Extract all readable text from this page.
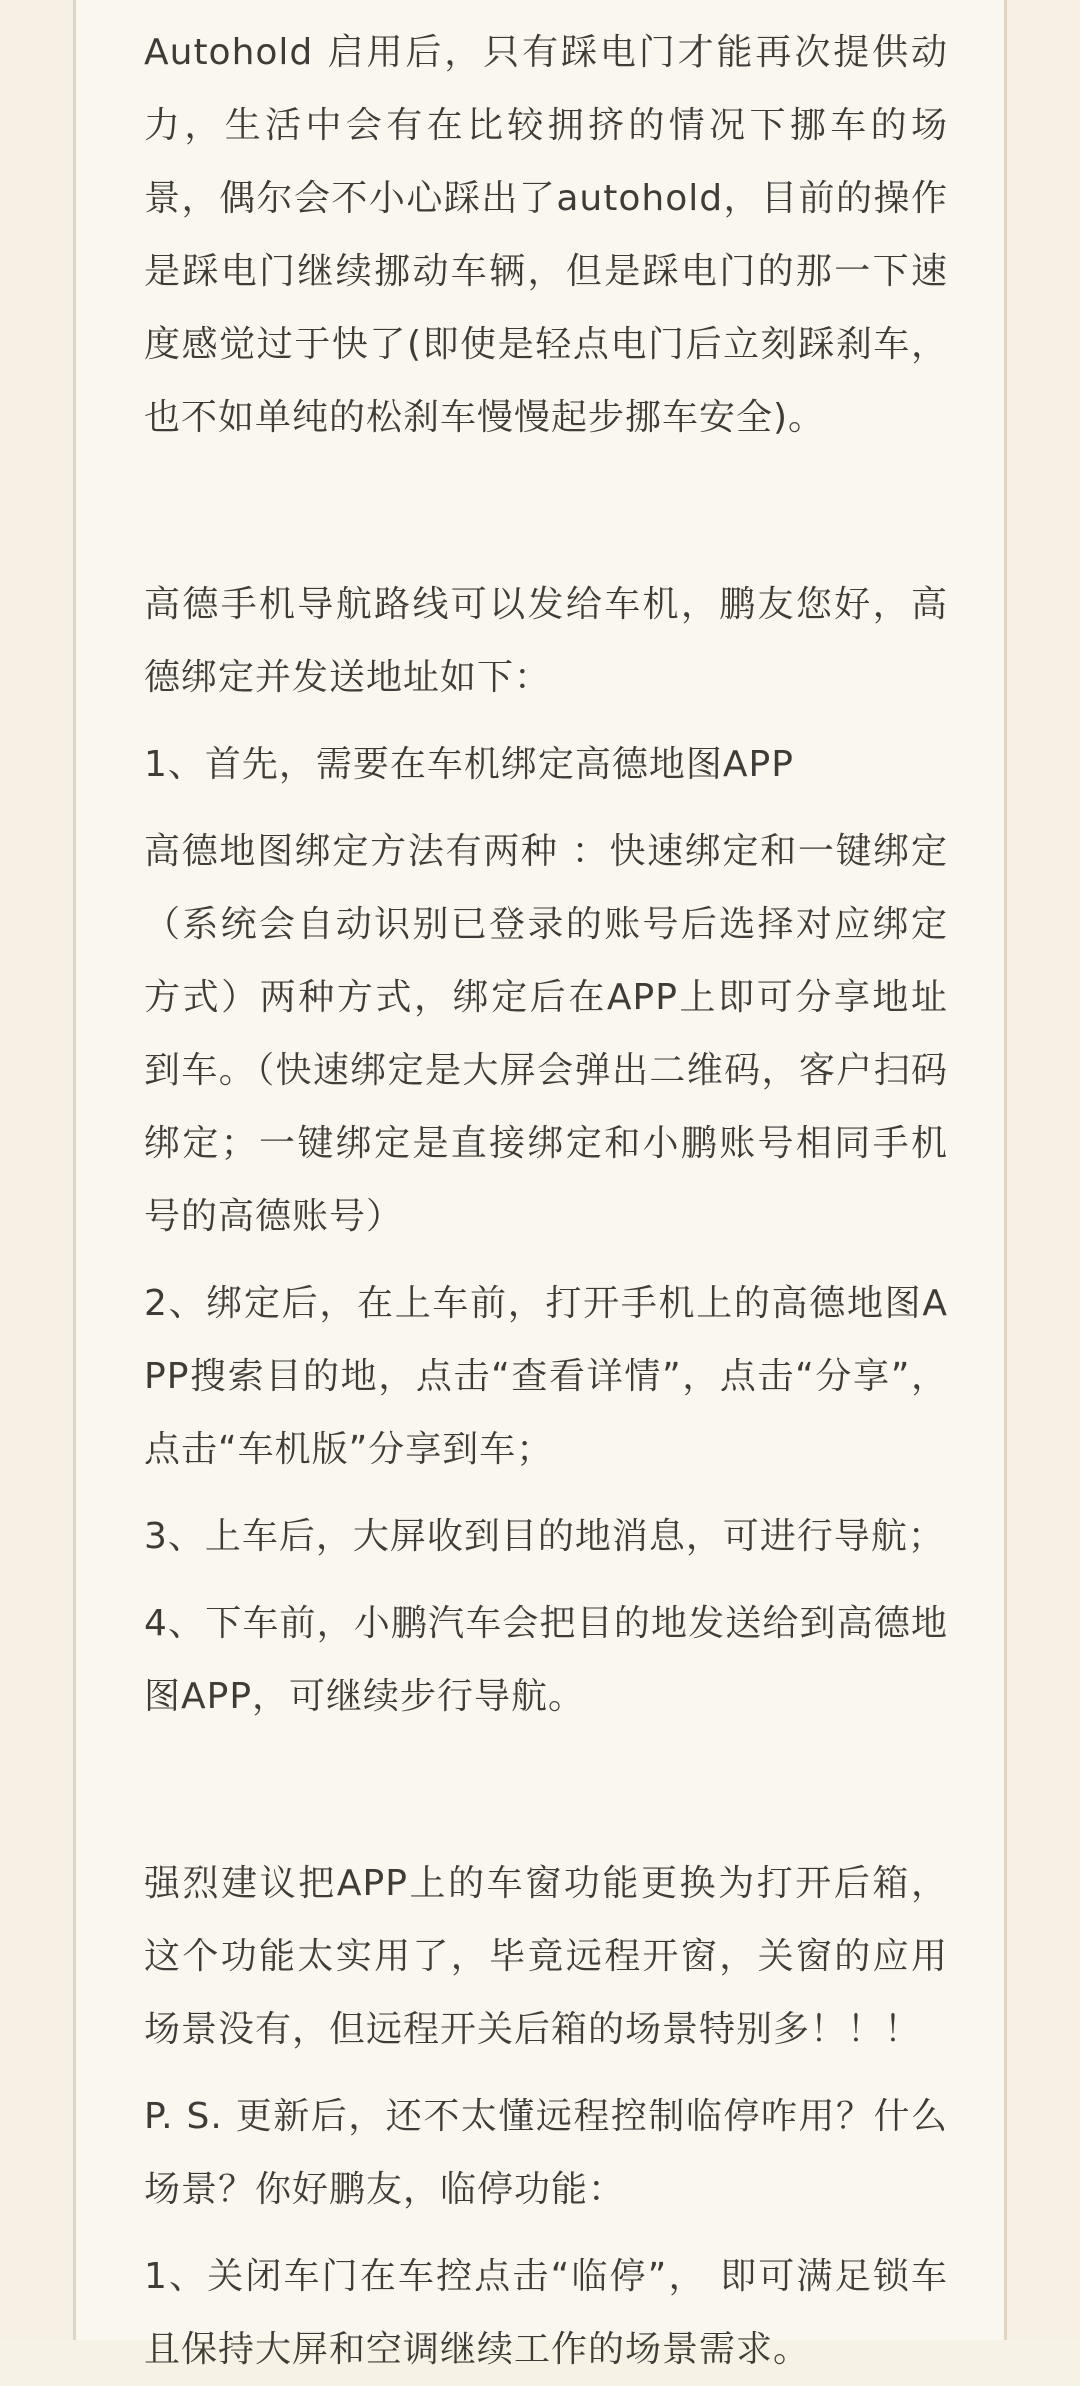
Autohold 启用后，只有踩电门才能再次提供动力，生活中会有在比较拥挤的情况下挪车的场景，偶尔会不小心踩出了autohold，目前的操作是踩电门继续挪动车辆，但是踩电门的那一下速度感觉过于快了(即使是轻点电门后立刻踩刹车，也不如单纯的松刹车慢慢起步挪车安全)。

高德手机导航路线可以发给车机，鹏友您好，高德绑定并发送地址如下：

1、首先，需要在车机绑定高德地图APP

高德地图绑定方法有两种 ：快速绑定和一键绑定（系统会自动识别已登录的账号后选择对应绑定方式）两种方式，绑定后在APP上即可分享地址到车。（快速绑定是大屏会弹出二维码，客户扫码绑定；一键绑定是直接绑定和小鹏账号相同手机号的高德账号）

2、绑定后，在上车前，打开手机上的高德地图APP搜索目的地，点击“查看详情”，点击“分享”，点击“车机版”分享到车；

3、上车后，大屏收到目的地消息，可进行导航；

4、下车前，小鹏汽车会把目的地发送给到高德地图APP，可继续步行导航。

强烈建议把APP上的车窗功能更换为打开后箱，这个功能太实用了，毕竟远程开窗，关窗的应用场景没有，但远程开关后箱的场景特别多！！！

P. S. 更新后，还不太懂远程控制临停咋用？什么场景？你好鹏友，临停功能：

1、关闭车门在车控点击“临停”， 即可满足锁车且保持大屏和空调继续工作的场景需求。
